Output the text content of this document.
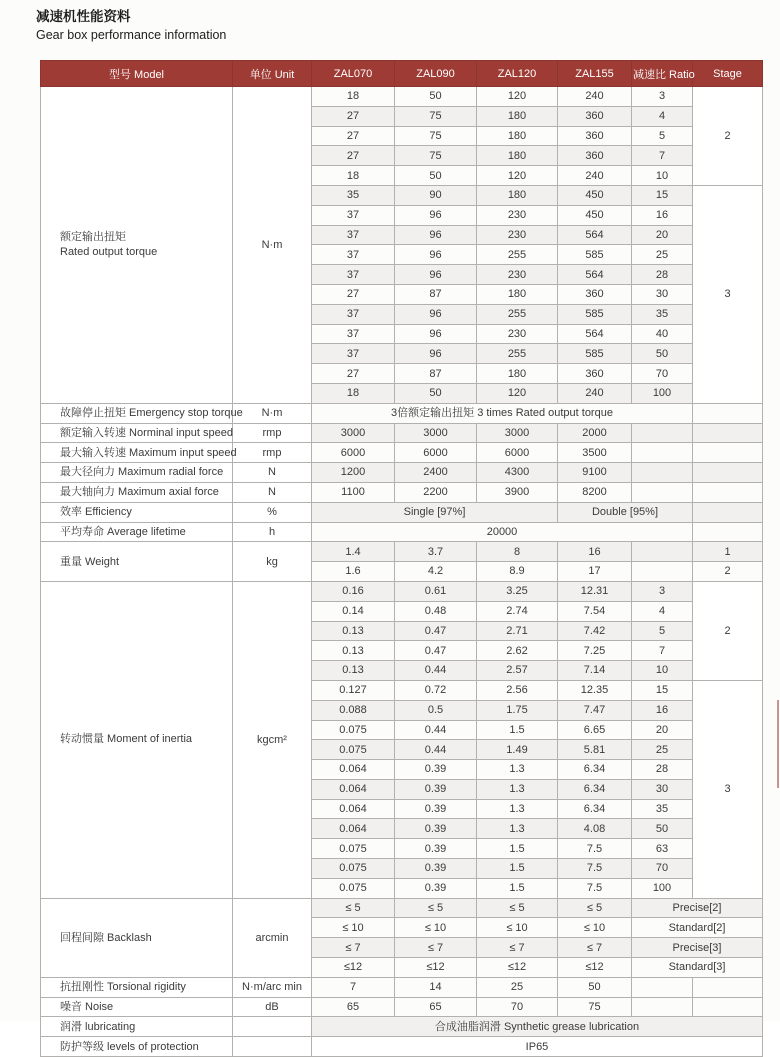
减速机性能资料
Gear box performance information
型号 Model	单位 Unit	ZAL070	ZAL090	ZAL120	ZAL155	减速比 Ratio	Stage

额定输出扭矩
Rated output torque	N·m	18	50	120	240	3	2
		27	75	180	360	4	
		27	75	180	360	5	
		27	75	180	360	7	
		18	50	120	240	10	
		35	90	180	450	15	3
		37	96	230	450	16	
		37	96	230	564	20	
		37	96	255	585	25	
		37	96	230	564	28	
		27	87	180	360	30	
		37	96	255	585	35	
		37	96	230	564	40	
		37	96	255	585	50	
		27	87	180	360	70	
		18	50	120	240	100	
故障停止扭矩 Emergency stop torque	N·m	3倍额定输出扭矩 3 times Rated output torque					
额定输入转速 Norminal input speed	rmp	3000	3000	3000	2000		
最大输入转速 Maximum input speed	rmp	6000	6000	6000	3500		
最大径向力 Maximum radial force	N	1200	2400	4300	9100		
最大轴向力 Maximum axial force	N	1100	2200	3900	8200		
效率 Efficiency	%	Single [97%]			Double [95%]		
平均寿命 Average lifetime	h	20000					
重量 Weight	kg	1.4	3.7	8	16		1
		1.6	4.2	8.9	17		2

转动惯量 Moment of inertia	kgcm²	0.16	0.61	3.25	12.31	3	2
		0.14	0.48	2.74	7.54	4	
		0.13	0.47	2.71	7.42	5	
		0.13	0.47	2.62	7.25	7	
		0.13	0.44	2.57	7.14	10	
		0.127	0.72	2.56	12.35	15	3
		0.088	0.5	1.75	7.47	16	
		0.075	0.44	1.5	6.65	20	
		0.075	0.44	1.49	5.81	25	
		0.064	0.39	1.3	6.34	28	
		0.064	0.39	1.3	6.34	30	
		0.064	0.39	1.3	6.34	35	
		0.064	0.39	1.3	4.08	50	
		0.075	0.39	1.5	7.5	63	
		0.075	0.39	1.5	7.5	70	
		0.075	0.39	1.5	7.5	100	
回程间隙 Backlash	arcmin	≤ 5	≤ 5	≤ 5	≤ 5	Precise[2]	
		≤ 10	≤ 10	≤ 10	≤ 10	Standard[2]	
		≤ 7	≤ 7	≤ 7	≤ 7	Precise[3]	
		≤12	≤12	≤12	≤12	Standard[3]	
抗扭刚性 Torsional rigidity	N·m/arc min	7	14	25	50		
噪音 Noise	dB	65	65	70	75		
润滑 lubricating		合成油脂润滑 Synthetic grease lubrication					
防护等级 levels of protection		IP65					
